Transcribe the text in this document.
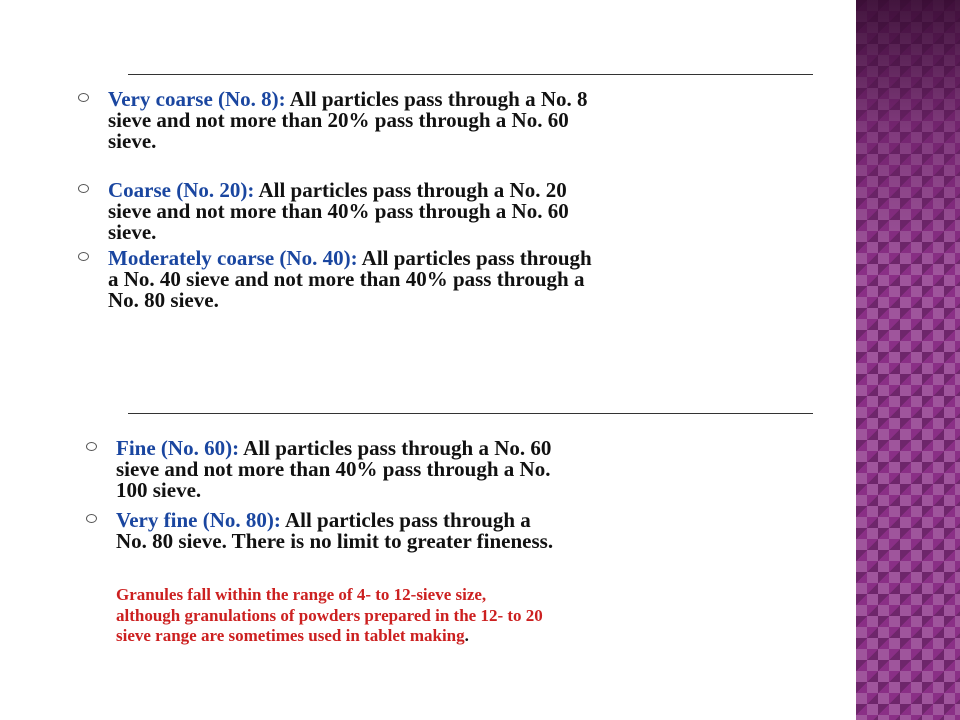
Very coarse (No. 8): All particles pass through a No. 8
sieve and not more than 20% pass through a No. 60
sieve.
Coarse (No. 20): All particles pass through a No. 20
sieve and not more than 40% pass through a No. 60
sieve.
Moderately coarse (No. 40): All particles pass through
a No. 40 sieve and not more than 40% pass through a
No. 80 sieve.
Fine (No. 60): All particles pass through a No. 60
sieve and not more than 40% pass through a No.
100 sieve.
Very fine (No. 80): All particles pass through a
No. 80 sieve. There is no limit to greater fineness.
Granules fall within the range of 4- to 12-sieve size,
although granulations of powders prepared in the 12- to 20
sieve range are sometimes used in tablet making.
